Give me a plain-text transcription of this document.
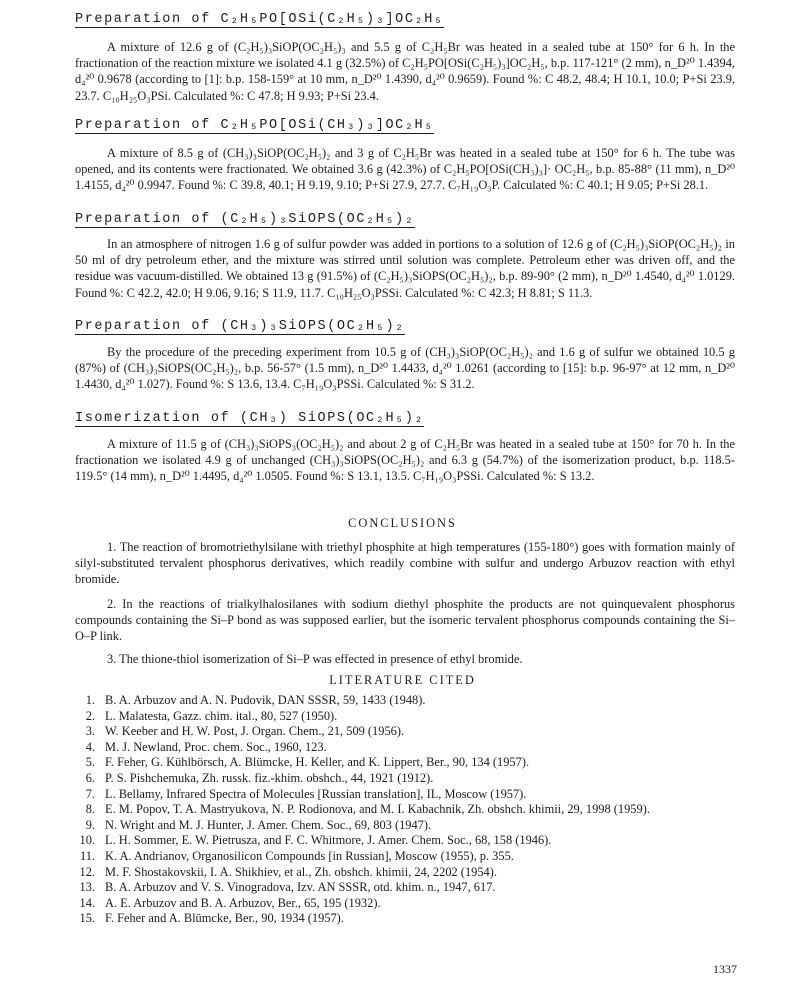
Preparation of C₂H₅PO[OSi(C₂H₅)₃]OC₂H₅
A mixture of 12.6 g of (C₂H₅)₃SiOP(OC₂H₅)₃ and 5.5 g of C₂H₅Br was heated in a sealed tube at 150° for 6 h. In the fractionation of the reaction mixture we isolated 4.1 g (32.5%) of C₂H₅PO[OSi(C₂H₅)₃]OC₂H₅, b.p. 117-121° (2 mm), n_D²⁰ 1.4394, d₄²⁰ 0.9678 (according to [1]: b.p. 158-159° at 10 mm, n_D²⁰ 1.4390, d₄²⁰ 0.9659). Found %: C 48.2, 48.4; H 10.1, 10.0; P+Si 23.9, 23.7. C₁₀H₂₅O₃PSi. Calculated %: C 47.8; H 9.93; P+Si 23.4.
Preparation of C₂H₅PO[OSi(CH₃)₃]OC₂H₅
A mixture of 8.5 g of (CH₃)₃SiOP(OC₂H₅)₂ and 3 g of C₂H₅Br was heated in a sealed tube at 150° for 6 h. The tube was opened, and its contents were fractionated. We obtained 3.6 g (42.3%) of C₂H₅PO[OSi(CH₃)₃]· OC₂H₅, b.p. 85-88° (11 mm), n_D²⁰ 1.4155, d₄²⁰ 0.9947. Found %: C 39.8, 40.1; H 9.19, 9.10; P+Si 27.9, 27.7. C₇H₁₉O₃P. Calculated %: C 40.1; H 9.05; P+Si 28.1.
Preparation of (C₂H₅)₃SiOPS(OC₂H₅)₂
In an atmosphere of nitrogen 1.6 g of sulfur powder was added in portions to a solution of 12.6 g of (C₂H₅)₃SiOP(OC₂H₅)₂ in 50 ml of dry petroleum ether, and the mixture was stirred until solution was complete. Petroleum ether was driven off, and the residue was vacuum-distilled. We obtained 13 g (91.5%) of (C₂H₅)₃SiOPS(OC₂H₅)₂, b.p. 89-90° (2 mm), n_D²⁰ 1.4540, d₄²⁰ 1.0129. Found %: C 42.2, 42.0; H 9.06, 9.16; S 11.9, 11.7. C₁₀H₂₅O₃PSSi. Calculated %: C 42.3; H 8.81; S 11.3.
Preparation of (CH₃)₃SiOPS(OC₂H₅)₂
By the procedure of the preceding experiment from 10.5 g of (CH₃)₃SiOP(OC₂H₅)₂ and 1.6 g of sulfur we obtained 10.5 g (87%) of (CH₃)₃SiOPS(OC₂H₅)₂, b.p. 56-57° (1.5 mm), n_D²⁰ 1.4433, d₄²⁰ 1.0261 (according to [15]: b.p. 96-97° at 12 mm, n_D²⁰ 1.4430, d₄²⁰ 1.027). Found %: S 13.6, 13.4. C₇H₁₉O₃PSSi. Calculated %: S 31.2.
Isomerization of (CH₃) SiOPS(OC₂H₅)₂
A mixture of 11.5 g of (CH₃)₃SiOPS₃(OC₂H₅)₂ and about 2 g of C₂H₅Br was heated in a sealed tube at 150° for 70 h. In the fractionation we isolated 4.9 g of unchanged (CH₃)₃SiOPS(OC₂H₅)₂ and 6.3 g (54.7%) of the isomerization product, b.p. 118.5-119.5° (14 mm), n_D²⁰ 1.4495, d₄²⁰ 1.0505. Found %: S 13.1, 13.5. C₇H₁₉O₃PSSi. Calculated %: S 13.2.
CONCLUSIONS
1. The reaction of bromotriethylsilane with triethyl phosphite at high temperatures (155-180°) goes with formation mainly of silyl-substituted tervalent phosphorus derivatives, which readily combine with sulfur and undergo Arbuzov reaction with ethyl bromide.
2. In the reactions of trialkylhalosilanes with sodium diethyl phosphite the products are not quinquevalent phosphorus compounds containing the Si–P bond as was supposed earlier, but the isomeric tervalent phosphorus compounds containing the Si–O–P link.
3. The thione-thiol isomerization of Si–P was effected in presence of ethyl bromide.
LITERATURE CITED
1. B. A. Arbuzov and A. N. Pudovik, DAN SSSR, 59, 1433 (1948).
2. L. Malatesta, Gazz. chim. ital., 80, 527 (1950).
3. W. Keeber and H. W. Post, J. Organ. Chem., 21, 509 (1956).
4. M. J. Newland, Proc. chem. Soc., 1960, 123.
5. F. Feher, G. Kühlbörsch, A. Blümcke, H. Keller, and K. Lippert, Ber., 90, 134 (1957).
6. P. S. Pishchemuka, Zh. russk. fiz.-khim. obshch., 44, 1921 (1912).
7. L. Bellamy, Infrared Spectra of Molecules [Russian translation], IL, Moscow (1957).
8. E. M. Popov, T. A. Mastryukova, N. P. Rodionova, and M. I. Kabachnik, Zh. obshch. khimii, 29, 1998 (1959).
9. N. Wright and M. J. Hunter, J. Amer. Chem. Soc., 69, 803 (1947).
10. L. H. Sommer, E. W. Pietrusza, and F. C. Whitmore, J. Amer. Chem. Soc., 68, 158 (1946).
11. K. A. Andrianov, Organosilicon Compounds [in Russian], Moscow (1955), p. 355.
12. M. F. Shostakovskii, I. A. Shikhiev, et al., Zh. obshch. khimii, 24, 2202 (1954).
13. B. A. Arbuzov and V. S. Vinogradova, Izv. AN SSSR, otd. khim. n., 1947, 617.
14. A. E. Arbuzov and B. A. Arbuzov, Ber., 65, 195 (1932).
15. F. Feher and A. Blümcke, Ber., 90, 1934 (1957).
1337
